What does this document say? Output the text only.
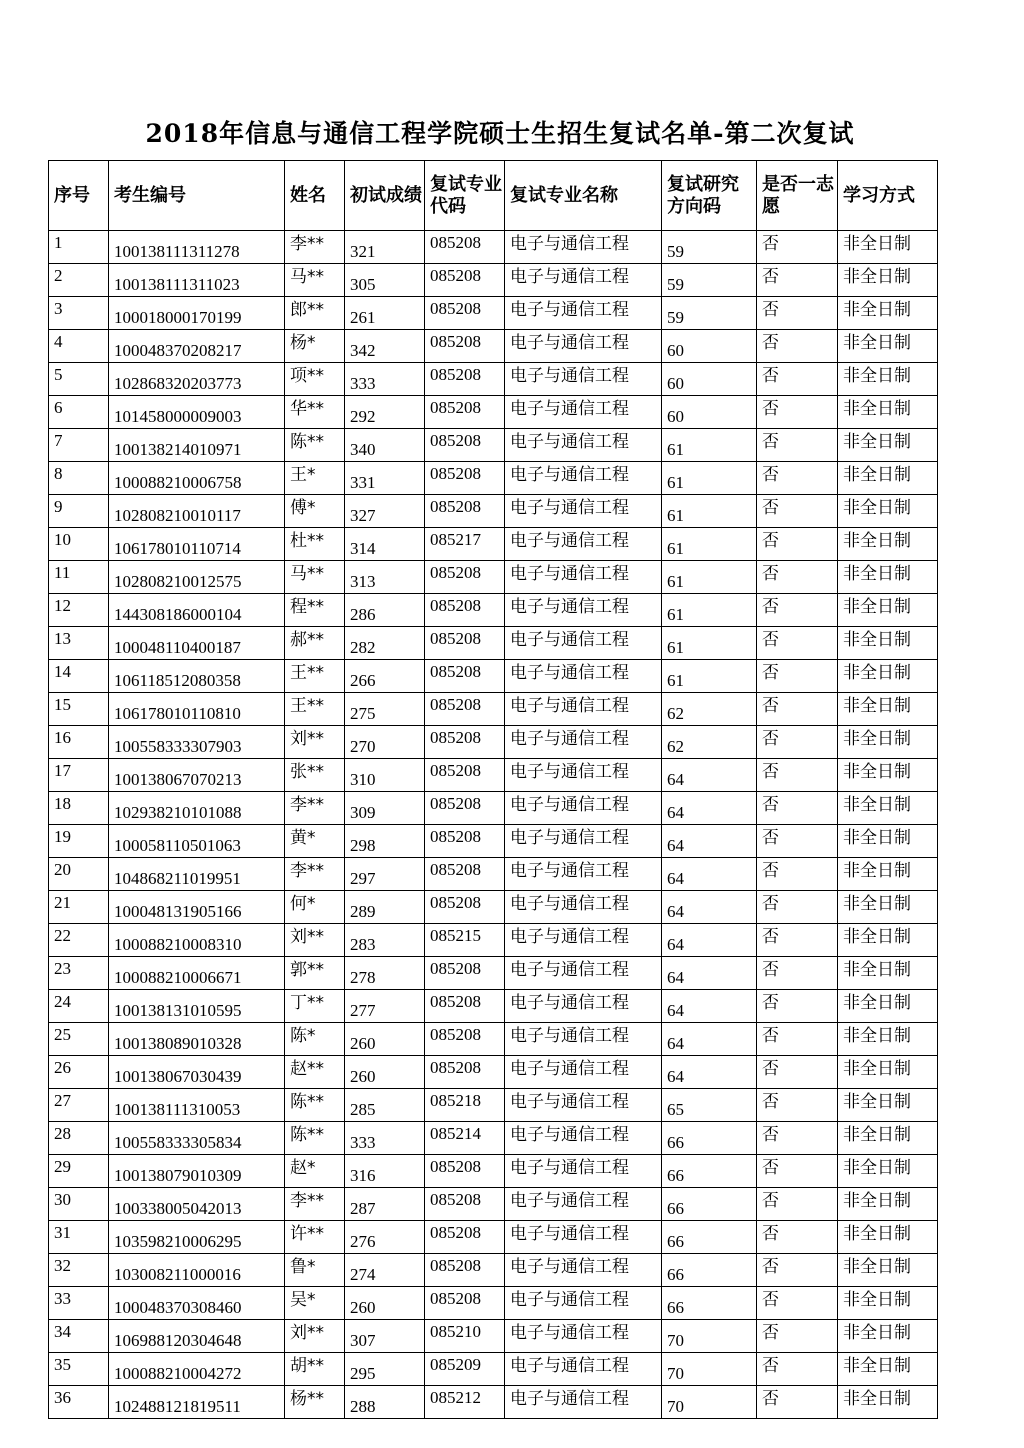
2018年信息与通信工程学院硕士生招生复试名单-第二次复试
序号	考生编号	姓名	初试成绩	复试专业代码	复试专业名称	复试研究方向码	是否一志愿	学习方式
1	100138111311278	李**	321	085208	电子与通信工程	59	否	非全日制
2	100138111311023	马**	305	085208	电子与通信工程	59	否	非全日制
3	100018000170199	郎**	261	085208	电子与通信工程	59	否	非全日制
4	100048370208217	杨*	342	085208	电子与通信工程	60	否	非全日制
5	102868320203773	项**	333	085208	电子与通信工程	60	否	非全日制
6	101458000009003	华**	292	085208	电子与通信工程	60	否	非全日制
7	100138214010971	陈**	340	085208	电子与通信工程	61	否	非全日制
8	100088210006758	王*	331	085208	电子与通信工程	61	否	非全日制
9	102808210010117	傅*	327	085208	电子与通信工程	61	否	非全日制
10	106178010110714	杜**	314	085217	电子与通信工程	61	否	非全日制
11	102808210012575	马**	313	085208	电子与通信工程	61	否	非全日制
12	144308186000104	程**	286	085208	电子与通信工程	61	否	非全日制
13	100048110400187	郝**	282	085208	电子与通信工程	61	否	非全日制
14	106118512080358	王**	266	085208	电子与通信工程	61	否	非全日制
15	106178010110810	王**	275	085208	电子与通信工程	62	否	非全日制
16	100558333307903	刘**	270	085208	电子与通信工程	62	否	非全日制
17	100138067070213	张**	310	085208	电子与通信工程	64	否	非全日制
18	102938210101088	李**	309	085208	电子与通信工程	64	否	非全日制
19	100058110501063	黄*	298	085208	电子与通信工程	64	否	非全日制
20	104868211019951	李**	297	085208	电子与通信工程	64	否	非全日制
21	100048131905166	何*	289	085208	电子与通信工程	64	否	非全日制
22	100088210008310	刘**	283	085215	电子与通信工程	64	否	非全日制
23	100088210006671	郭**	278	085208	电子与通信工程	64	否	非全日制
24	100138131010595	丁**	277	085208	电子与通信工程	64	否	非全日制
25	100138089010328	陈*	260	085208	电子与通信工程	64	否	非全日制
26	100138067030439	赵**	260	085208	电子与通信工程	64	否	非全日制
27	100138111310053	陈**	285	085218	电子与通信工程	65	否	非全日制
28	100558333305834	陈**	333	085214	电子与通信工程	66	否	非全日制
29	100138079010309	赵*	316	085208	电子与通信工程	66	否	非全日制
30	100338005042013	李**	287	085208	电子与通信工程	66	否	非全日制
31	103598210006295	许**	276	085208	电子与通信工程	66	否	非全日制
32	103008211000016	鲁*	274	085208	电子与通信工程	66	否	非全日制
33	100048370308460	吴*	260	085208	电子与通信工程	66	否	非全日制
34	106988120304648	刘**	307	085210	电子与通信工程	70	否	非全日制
35	100088210004272	胡**	295	085209	电子与通信工程	70	否	非全日制
36	102488121819511	杨**	288	085212	电子与通信工程	70	否	非全日制
